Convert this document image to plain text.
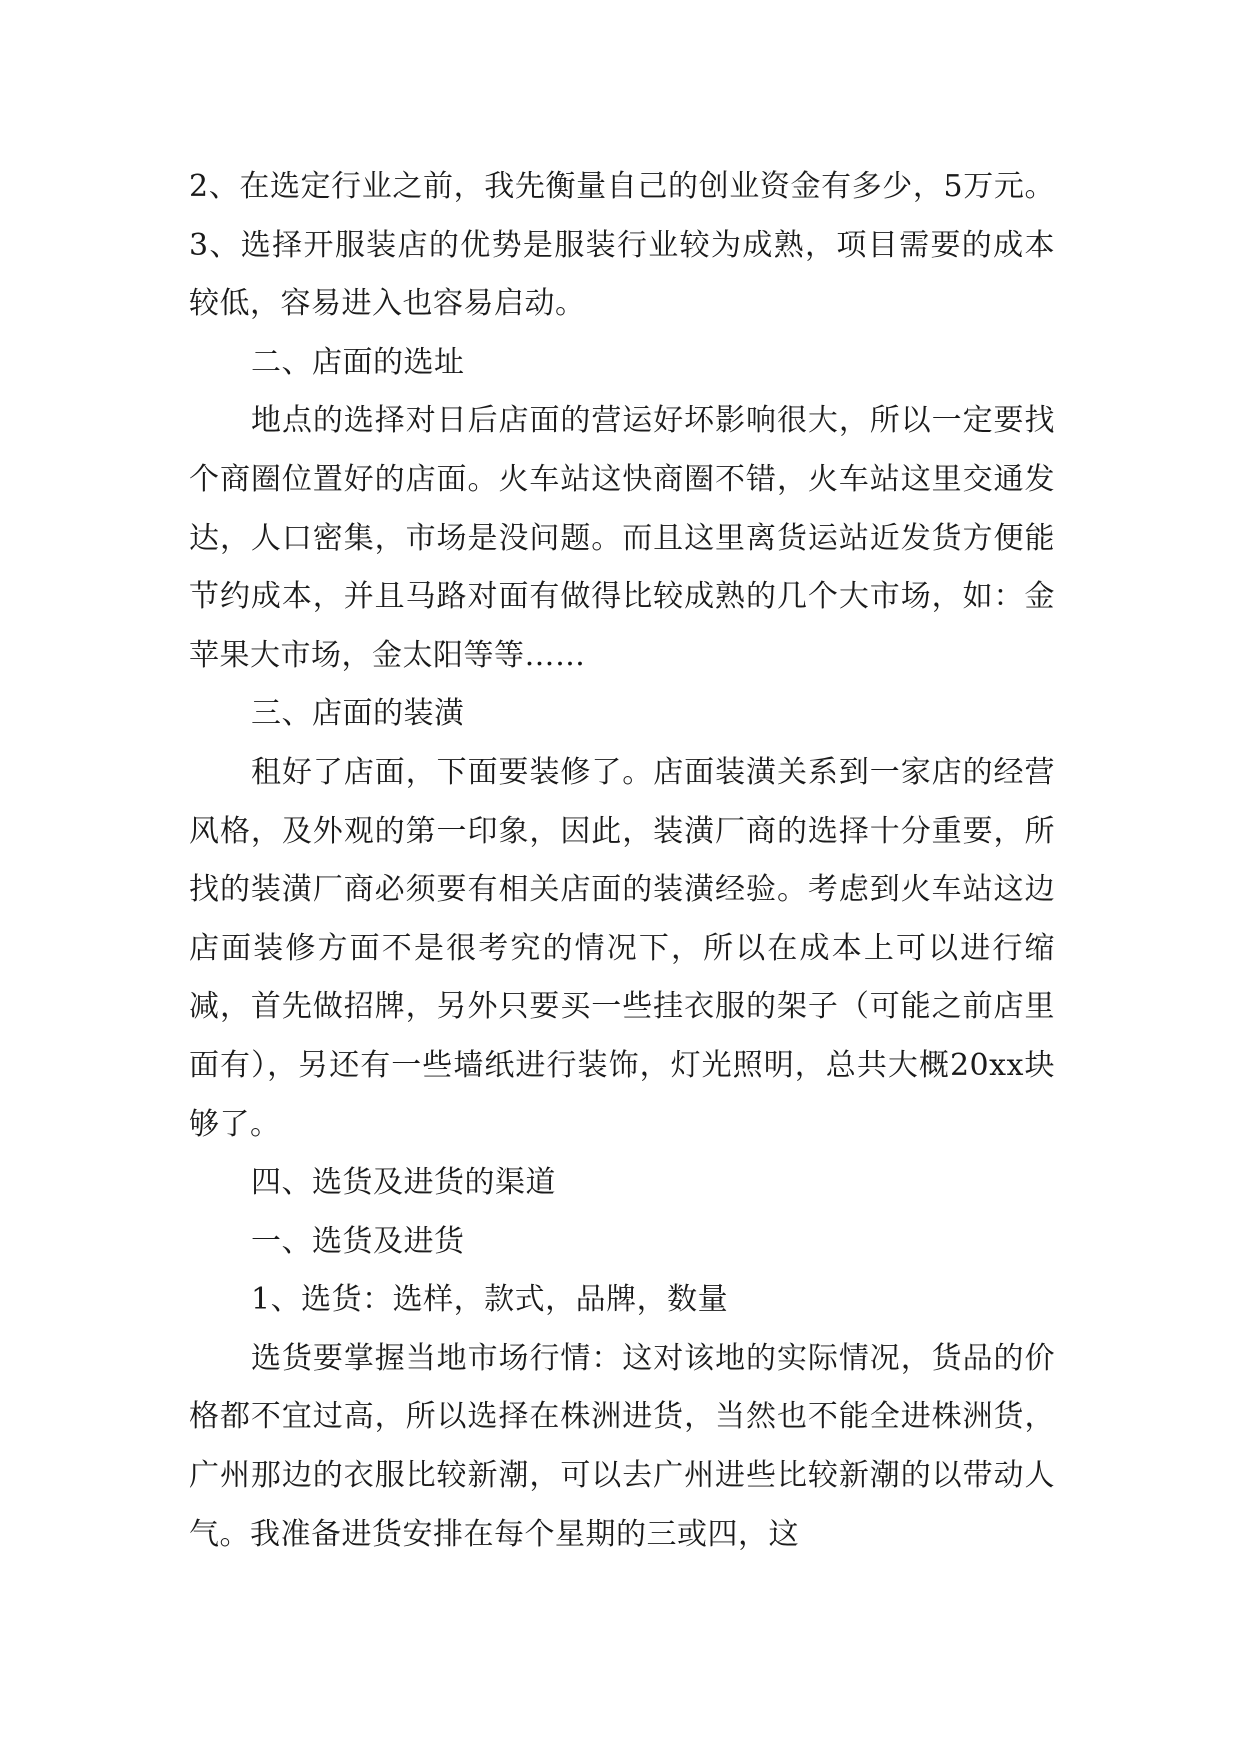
2、在选定行业之前，我先衡量自己的创业资金有多少，5万元。3、选择开服装店的优势是服装行业较为成熟，项目需要的成本较低，容易进入也容易启动。

二、店面的选址

地点的选择对日后店面的营运好坏影响很大，所以一定要找个商圈位置好的店面。火车站这快商圈不错，火车站这里交通发达，人口密集，市场是没问题。而且这里离货运站近发货方便能节约成本，并且马路对面有做得比较成熟的几个大市场，如：金苹果大市场，金太阳等等……

三、店面的装潢

租好了店面，下面要装修了。店面装潢关系到一家店的经营风格，及外观的第一印象，因此，装潢厂商的选择十分重要，所找的装潢厂商必须要有相关店面的装潢经验。考虑到火车站这边店面装修方面不是很考究的情况下，所以在成本上可以进行缩减，首先做招牌，另外只要买一些挂衣服的架子（可能之前店里面有），另还有一些墙纸进行装饰，灯光照明，总共大概20xx块够了。

四、选货及进货的渠道

一、选货及进货

1、选货：选样，款式，品牌，数量

选货要掌握当地市场行情：这对该地的实际情况，货品的价格都不宜过高，所以选择在株洲进货，当然也不能全进株洲货，广州那边的衣服比较新潮，可以去广州进些比较新潮的以带动人气。我准备进货安排在每个星期的三或四，这
